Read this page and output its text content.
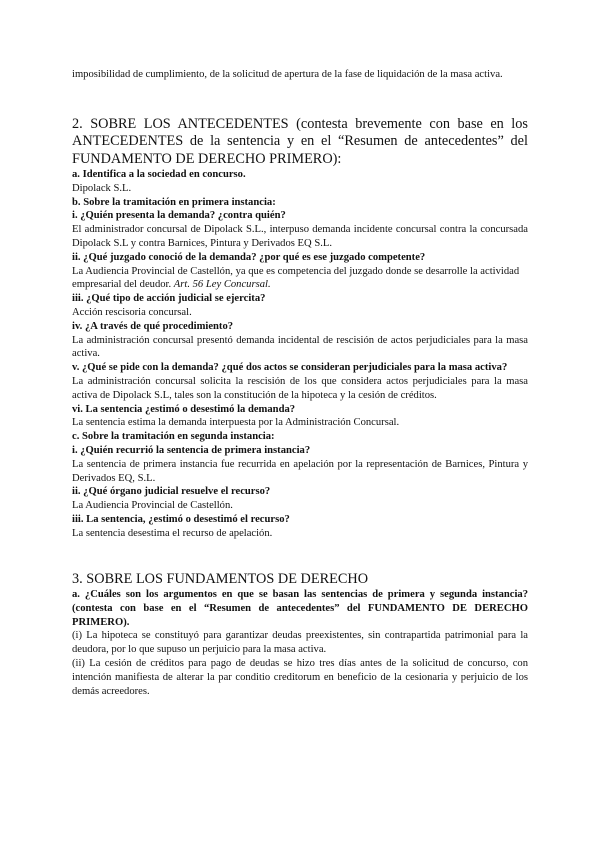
imposibilidad de cumplimiento, de la solicitud de apertura de la fase de liquidación de la masa activa.

2. SOBRE LOS ANTECEDENTES (contesta brevemente con base en los ANTECEDENTES de la sentencia y en el “Resumen de antecedentes” del FUNDAMENTO DE DERECHO PRIMERO):

a. Identifica a la sociedad en concurso.

Dipolack S.L.

b. Sobre la tramitación en primera instancia:

i. ¿Quién presenta la demanda? ¿contra quién?

El administrador concursal de Dipolack S.L., interpuso demanda incidente concursal contra la concursada Dipolack S.L y contra Barnices, Pintura y Derivados EQ S.L.

ii. ¿Qué juzgado conoció de la demanda? ¿por qué es ese juzgado competente?

La Audiencia Provincial de Castellón, ya que es competencia del juzgado donde se desarrolle la actividad empresarial del deudor. Art. 56 Ley Concursal.

iii. ¿Qué tipo de acción judicial se ejercita?

Acción rescisoria concursal.

iv. ¿A través de qué procedimiento?

La administración concursal presentó demanda incidental de rescisión de actos perjudiciales para la masa activa.

v. ¿Qué se pide con la demanda? ¿qué dos actos se consideran perjudiciales para la masa activa?

La administración concursal solicita la rescisión de los que considera actos perjudiciales para la masa activa de Dipolack S.L, tales son la constitución de la hipoteca y la cesión de créditos.

vi. La sentencia ¿estimó o desestimó la demanda?

La sentencia estima la demanda interpuesta por la Administración Concursal.

c. Sobre la tramitación en segunda instancia:

i. ¿Quién recurrió la sentencia de primera instancia?

La sentencia de primera instancia fue recurrida en apelación por la representación de Barnices, Pintura y Derivados EQ, S.L.

ii. ¿Qué órgano judicial resuelve el recurso?

La Audiencia Provincial de Castellón.

iii. La sentencia, ¿estimó o desestimó el recurso?

La sentencia desestima el recurso de apelación.

3. SOBRE LOS FUNDAMENTOS DE DERECHO

a. ¿Cuáles son los argumentos en que se basan las sentencias de primera y segunda instancia? (contesta con base en el “Resumen de antecedentes” del FUNDAMENTO DE DERECHO PRIMERO).

(i) La hipoteca se constituyó para garantizar deudas preexistentes, sin contrapartida patrimonial para la deudora, por lo que supuso un perjuicio para la masa activa.

(ii) La cesión de créditos para pago de deudas se hizo tres días antes de la solicitud de concurso, con intención manifiesta de alterar la par conditio creditorum en beneficio de la cesionaria y perjuicio de los demás acreedores.
